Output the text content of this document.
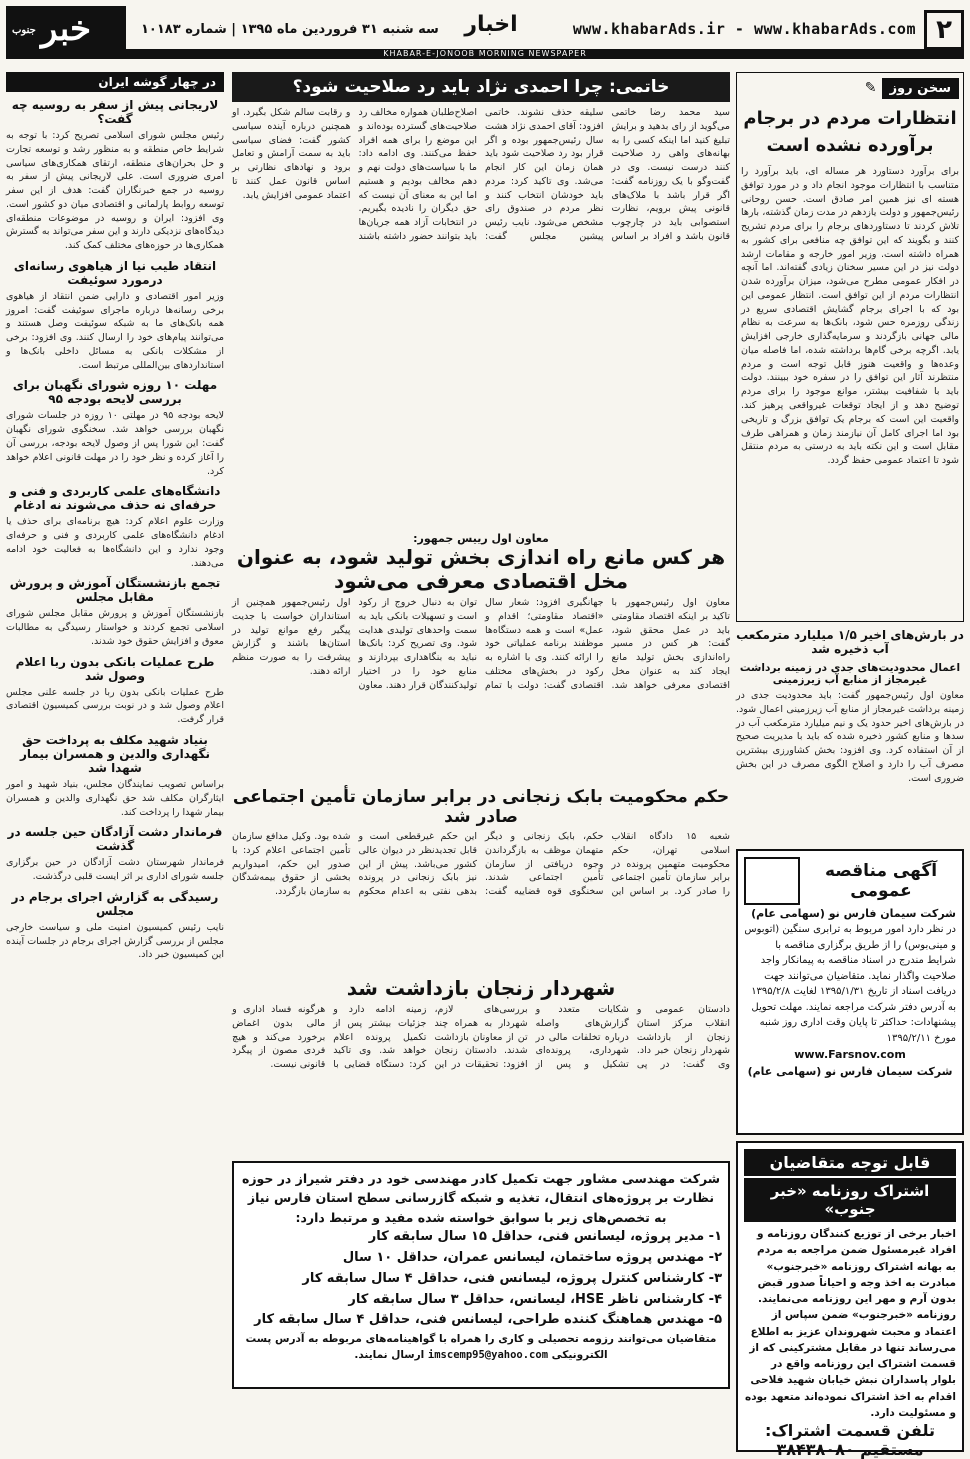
۲
www.khabarAds.ir - www.khabarAds.com
اخبار
سه شنبه ۳۱ فروردین ماه ۱۳۹۵ | شماره ۱۰۱۸۳
خبر
جنوب
KHABAR-E-JONOOB MORNING NEWSPAPER
سخن روز ✎
انتظارات مردم در برجام برآورده نشده است
برای برآورد دستاورد هر مساله ای، باید برآورد را متناسب با انتظارات موجود انجام داد و در مورد توافق هسته ای نیز همین امر صادق است. حسن روحانی رئیس‌جمهور و دولت یازدهم در مدت زمان گذشته، بارها تلاش کردند تا دستاوردهای برجام را برای مردم تشریح کنند و بگویند که این توافق چه منافعی برای کشور به همراه داشته است. وزیر امور خارجه و مقامات ارشد دولت نیز در این مسیر سخنان زیادی گفته‌اند. اما آنچه در افکار عمومی مطرح می‌شود، میزان برآورده شدن انتظارات مردم از این توافق است. انتظار عمومی این بود که با اجرای برجام گشایش اقتصادی سریع در زندگی روزمره حس شود، بانک‌ها به سرعت به نظام مالی جهانی بازگردند و سرمایه‌گذاری خارجی افزایش یابد. اگرچه برخی گام‌ها برداشته شده، اما فاصله میان وعده‌ها و واقعیت هنوز قابل توجه است و مردم منتظرند آثار این توافق را در سفره خود ببینند. دولت باید با شفافیت بیشتر، موانع موجود را برای مردم توضیح دهد و از ایجاد توقعات غیرواقعی پرهیز کند. واقعیت این است که برجام یک توافق بزرگ و تاریخی بود اما اجرای کامل آن نیازمند زمان و همراهی طرف مقابل است و این نکته باید به درستی به مردم منتقل شود تا اعتماد عمومی حفظ گردد.
در بارش‌های اخیر ۱/۵ میلیارد مترمکعب آب ذخیره شد
اعمال محدودیت‌های جدی در زمینه برداشت غیرمجاز از منابع آب زیرزمینی
معاون اول رئیس‌جمهور گفت: باید محدودیت جدی در زمینه برداشت غیرمجاز از منابع آب زیرزمینی اعمال شود. در بارش‌های اخیر حدود یک و نیم میلیارد مترمکعب آب در سدها و منابع کشور ذخیره شده که باید با مدیریت صحیح از آن استفاده کرد. وی افزود: بخش کشاورزی بیشترین مصرف آب را دارد و اصلاح الگوی مصرف در این بخش ضروری است.
آگهی مناقصه عمومی
شرکت سیمان فارس نو (سهامی عام)
در نظر دارد امور مربوط به ترابری سنگین (اتوبوس و مینی‌بوس) را از طریق برگزاری مناقصه با شرایط مندرج در اسناد مناقصه به پیمانکار واجد صلاحیت واگذار نماید. متقاضیان می‌توانند جهت دریافت اسناد از تاریخ ۱۳۹۵/۱/۳۱ لغایت ۱۳۹۵/۲/۸ به آدرس دفتر شرکت مراجعه نمایند. مهلت تحویل پیشنهادات: حداکثر تا پایان وقت اداری روز شنبه مورخ ۱۳۹۵/۲/۱۱
www.Farsnov.com
شرکت سیمان فارس نو (سهامی عام)
قابل توجه متقاضیان
اشتراک روزنامه «خبر جنوب»
اخبار برخی از توزیع کنندگان روزنامه و افراد غیرمسئول ضمن مراجعه به مردم به بهانه اشتراک روزنامه «خبرجنوب» مبادرت به اخذ وجه و احیاناً صدور قبض بدون آرم و مهر این روزنامه می‌نمایند. روزنامه «خبرجنوب» ضمن سپاس از اعتماد و محبت شهروندان عزیز به اطلاع می‌رساند تنها در مقابل مشترکینی که از قسمت اشتراک این روزنامه واقع در بلوار پاسداران نبش خیابان شهید فلاحی اقدام به اخذ اشتراک نموده‌اند متعهد بوده و مسئولیت دارد.
تلفن قسمت اشتراک: مستقیم ۳۸۴۳۸۰۸۰
در چهار گوشه ایران
لاریجانی پیش از سفر به روسیه چه گفت؟
رئیس مجلس شورای اسلامی تصریح کرد: با توجه به شرایط خاص منطقه و به منظور رشد و توسعه تجارت و حل بحران‌های منطقه، ارتقای همکاری‌های سیاسی امری ضروری است. علی لاریجانی پیش از سفر به روسیه در جمع خبرنگاران گفت: هدف از این سفر توسعه روابط پارلمانی و اقتصادی میان دو کشور است. وی افزود: ایران و روسیه در موضوعات منطقه‌ای دیدگاه‌های نزدیکی دارند و این سفر می‌تواند به گسترش همکاری‌ها در حوزه‌های مختلف کمک کند.
انتقاد طیب نیا از هیاهوی رسانه‌ای درمورد سوئیفت
وزیر امور اقتصادی و دارایی ضمن انتقاد از هیاهوی برخی رسانه‌ها درباره ماجرای سوئیفت گفت: امروز همه بانک‌های ما به شبکه سوئیفت وصل هستند و می‌توانند پیام‌های خود را ارسال کنند. وی افزود: برخی از مشکلات بانکی به مسائل داخلی بانک‌ها و استانداردهای بین‌المللی مرتبط است.
مهلت ۱۰ روزه شورای نگهبان برای بررسی لایحه بودجه ۹۵
لایحه بودجه ۹۵ در مهلتی ۱۰ روزه در جلسات شورای نگهبان بررسی خواهد شد. سخنگوی شورای نگهبان گفت: این شورا پس از وصول لایحه بودجه، بررسی آن را آغاز کرده و نظر خود را در مهلت قانونی اعلام خواهد کرد.
دانشگاه‌های علمی کاربردی و فنی و حرفه‌ای نه حذف می‌شوند نه ادغام
وزارت علوم اعلام کرد: هیچ برنامه‌ای برای حذف یا ادغام دانشگاه‌های علمی کاربردی و فنی و حرفه‌ای وجود ندارد و این دانشگاه‌ها به فعالیت خود ادامه می‌دهند.
تجمع بازنشستگان آموزش و پرورش مقابل مجلس
بازنشستگان آموزش و پرورش مقابل مجلس شورای اسلامی تجمع کردند و خواستار رسیدگی به مطالبات معوق و افزایش حقوق خود شدند.
طرح عملیات بانکی بدون ربا اعلام وصول شد
طرح عملیات بانکی بدون ربا در جلسه علنی مجلس اعلام وصول شد و در نوبت بررسی کمیسیون اقتصادی قرار گرفت.
بنیاد شهید مکلف به پرداخت حق نگهداری والدین و همسران بیمار شهدا شد
براساس تصویب نمایندگان مجلس، بنیاد شهید و امور ایثارگران مکلف شد حق نگهداری والدین و همسران بیمار شهدا را پرداخت کند.
فرماندار دشت آزادگان حین جلسه در گذشت
فرماندار شهرستان دشت آزادگان در حین برگزاری جلسه شورای اداری بر اثر ایست قلبی درگذشت.
رسیدگی به گزارش اجرای برجام در مجلس
نایب رئیس کمیسیون امنیت ملی و سیاست خارجی مجلس از بررسی گزارش اجرای برجام در جلسات آینده این کمیسیون خبر داد.
خاتمی: چرا احمدی نژاد باید رد صلاحیت شود؟
سید محمد رضا خاتمی می‌گوید از رای بدهید و برایش تبلیغ کنید اما اینکه کسی را به بهانه‌های واهی رد صلاحیت کنند درست نیست. وی در گفت‌وگو با یک روزنامه گفت: اگر قرار باشد با ملاک‌های قانونی پیش برویم، نظارت استصوابی باید در چارچوب قانون باشد و افراد بر اساس سلیقه حذف نشوند. خاتمی افزود: آقای احمدی نژاد هشت سال رئیس‌جمهور بوده و اگر قرار بود رد صلاحیت شود باید همان زمان این کار انجام می‌شد. وی تاکید کرد: مردم باید خودشان انتخاب کنند و نظر مردم در صندوق رای مشخص می‌شود. نایب رئیس پیشین مجلس گفت: اصلاح‌طلبان همواره مخالف رد صلاحیت‌های گسترده بوده‌اند و این موضع را برای همه افراد حفظ می‌کنند. وی ادامه داد: ما با سیاست‌های دولت نهم و دهم مخالف بودیم و هستیم اما این به معنای آن نیست که حق دیگران را نادیده بگیریم. در انتخابات آزاد همه جریان‌ها باید بتوانند حضور داشته باشند و رقابت سالم شکل بگیرد. او همچنین درباره آینده سیاسی کشور گفت: فضای سیاسی باید به سمت آرامش و تعامل برود و نهادهای نظارتی بر اساس قانون عمل کنند تا اعتماد عمومی افزایش یابد.
معاون اول رییس جمهور:
هر کس مانع راه اندازی بخش تولید شود، به عنوان مخل اقتصادی معرفی می‌شود
معاون اول رئیس‌جمهور با تاکید بر اینکه اقتصاد مقاومتی باید در عمل محقق شود، گفت: هر کس در مسیر راه‌اندازی بخش تولید مانع ایجاد کند به عنوان مخل اقتصادی معرفی خواهد شد. جهانگیری افزود: شعار سال «اقتصاد مقاومتی؛ اقدام و عمل» است و همه دستگاه‌ها موظفند برنامه عملیاتی خود را ارائه کنند. وی با اشاره به رکود در بخش‌های مختلف اقتصادی گفت: دولت با تمام توان به دنبال خروج از رکود است و تسهیلات بانکی باید به سمت واحدهای تولیدی هدایت شود. وی تصریح کرد: بانک‌ها نباید به بنگاهداری بپردازند و منابع خود را در اختیار تولیدکنندگان قرار دهند. معاون اول رئیس‌جمهور همچنین از استانداران خواست با جدیت پیگیر رفع موانع تولید در استان‌ها باشند و گزارش پیشرفت را به صورت منظم ارائه دهند.
حکم محکومیت بابک زنجانی در برابر سازمان تأمین اجتماعی صادر شد
شعبه ۱۵ دادگاه انقلاب اسلامی تهران، حکم محکومیت متهمین پرونده در برابر سازمان تأمین اجتماعی را صادر کرد. بر اساس این حکم، بابک زنجانی و دیگر متهمان موظف به بازگرداندن وجوه دریافتی از سازمان تأمین اجتماعی شدند. سخنگوی قوه قضاییه گفت: این حکم غیرقطعی است و قابل تجدیدنظر در دیوان عالی کشور می‌باشد. پیش از این نیز بابک زنجانی در پرونده بدهی نفتی به اعدام محکوم شده بود. وکیل مدافع سازمان تأمین اجتماعی اعلام کرد: با صدور این حکم، امیدواریم بخشی از حقوق بیمه‌شدگان به سازمان بازگردد.
شهردار زنجان بازداشت شد
دادستان عمومی و انقلاب مرکز استان زنجان از بازداشت شهردار زنجان خبر داد. وی گفت: در پی شکایات متعدد و گزارش‌های واصله درباره تخلفات مالی در شهرداری، پرونده‌ای تشکیل و پس از بررسی‌های لازم، شهردار به همراه چند تن از معاونان بازداشت شدند. دادستان زنجان افزود: تحقیقات در این زمینه ادامه دارد و جزئیات بیشتر پس از تکمیل پرونده اعلام خواهد شد. وی تاکید کرد: دستگاه قضایی با هرگونه فساد اداری و مالی بدون اغماض برخورد می‌کند و هیچ فردی مصون از پیگرد قانونی نیست.
شرکت مهندسی مشاور جهت تکمیل کادر مهندسی خود در دفتر شیراز در حوزه نظارت بر پروژه‌های انتقال، تغذیه و شبکه گازرسانی سطح استان فارس نیاز به تخصص‌های زیر با سوابق خواسته شده مفید و مرتبط دارد:
۱- مدیر پروژه، لیسانس فنی، حداقل ۱۵ سال سابقه کار
۲- مهندس پروژه ساختمان، لیسانس عمران، حداقل ۱۰ سال
۳- کارشناس کنترل پروژه، لیسانس فنی، حداقل ۴ سال سابقه کار
۴- کارشناس ناظر HSE، لیسانس، حداقل ۳ سال سابقه کار
۵- مهندس هماهنگ کننده طراحی، لیسانس فنی، حداقل ۴ سال سابقه کار
متقاضیان می‌توانند رزومه تحصیلی و کاری را همراه با گواهینامه‌های مربوطه به آدرس پست الکترونیکی imscemp95@yahoo.com ارسال نمایند.
